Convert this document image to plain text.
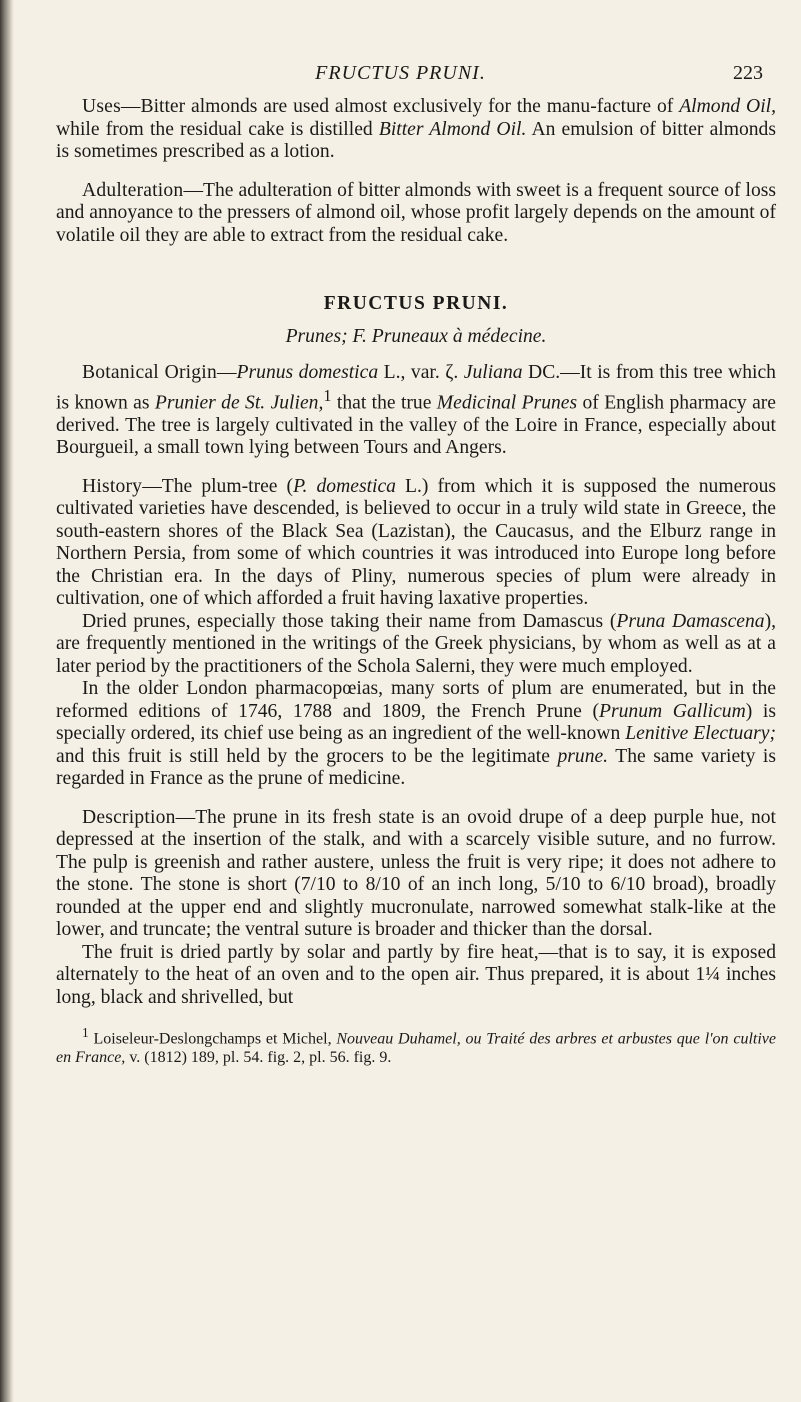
FRUCTUS PRUNI.	223

Uses—Bitter almonds are used almost exclusively for the manu-facture of Almond Oil, while from the residual cake is distilled Bitter Almond Oil. An emulsion of bitter almonds is sometimes prescribed as a lotion.

Adulteration—The adulteration of bitter almonds with sweet is a frequent source of loss and annoyance to the pressers of almond oil, whose profit largely depends on the amount of volatile oil they are able to extract from the residual cake.

FRUCTUS PRUNI.
Prunes; F. Pruneaux à médecine.

Botanical Origin—Prunus domestica L., var. ζ. Juliana DC.—It is from this tree which is known as Prunier de St. Julien,$^1$ that the true Medicinal Prunes of English pharmacy are derived. The tree is largely cultivated in the valley of the Loire in France, especially about Bourgueil, a small town lying between Tours and Angers.

History—The plum-tree (P. domestica L.) from which it is supposed the numerous cultivated varieties have descended, is believed to occur in a truly wild state in Greece, the south-eastern shores of the Black Sea (Lazistan), the Caucasus, and the Elburz range in Northern Persia, from some of which countries it was introduced into Europe long before the Christian era. In the days of Pliny, numerous species of plum were already in cultivation, one of which afforded a fruit having laxative properties.

Dried prunes, especially those taking their name from Damascus (Pruna Damascena), are frequently mentioned in the writings of the Greek physicians, by whom as well as at a later period by the practitioners of the Schola Salerni, they were much employed.

In the older London pharmacopœias, many sorts of plum are enumerated, but in the reformed editions of 1746, 1788 and 1809, the French Prune (Prunum Gallicum) is specially ordered, its chief use being as an ingredient of the well-known Lenitive Electuary; and this fruit is still held by the grocers to be the legitimate prune. The same variety is regarded in France as the prune of medicine.

Description—The prune in its fresh state is an ovoid drupe of a deep purple hue, not depressed at the insertion of the stalk, and with a scarcely visible suture, and no furrow. The pulp is greenish and rather austere, unless the fruit is very ripe; it does not adhere to the stone. The stone is short (7/10 to 8/10 of an inch long, 5/10 to 6/10 broad), broadly rounded at the upper end and slightly mucronulate, narrowed somewhat stalk-like at the lower, and truncate; the ventral suture is broader and thicker than the dorsal.

The fruit is dried partly by solar and partly by fire heat,—that is to say, it is exposed alternately to the heat of an oven and to the open air. Thus prepared, it is about 1¼ inches long, black and shrivelled, but

$^1$ Loiseleur-Deslongchamps et Michel, Nouveau Duhamel, ou Traité des arbres et arbustes que l'on cultive en France, v. (1812) 189, pl. 54. fig. 2, pl. 56. fig. 9.
